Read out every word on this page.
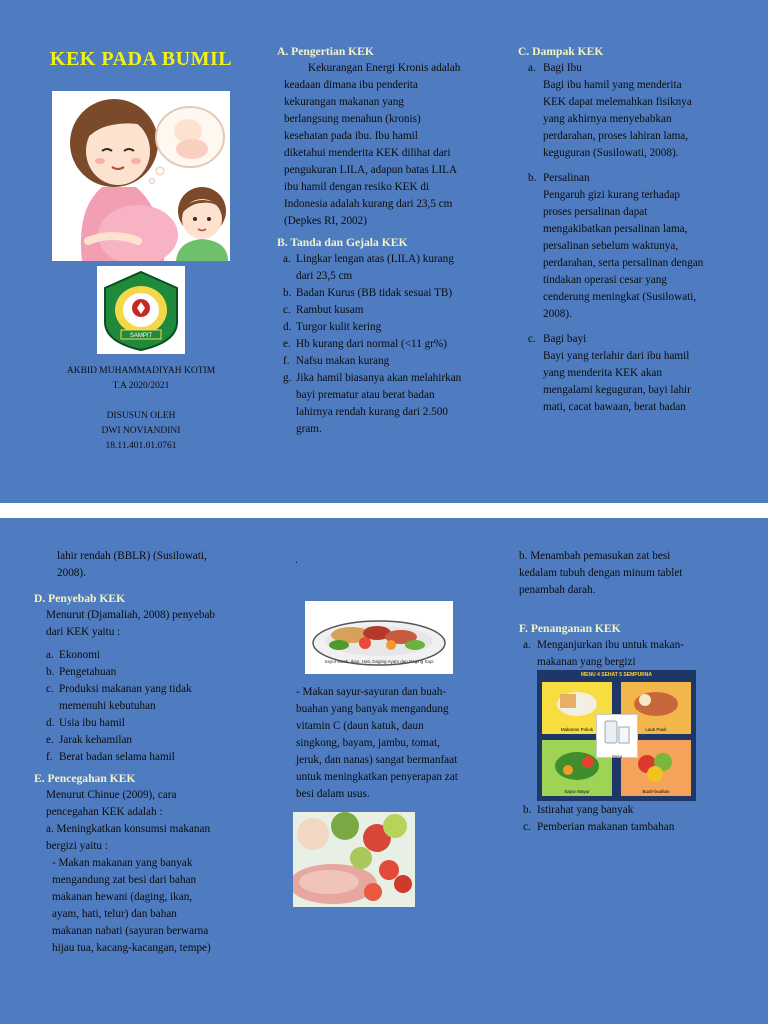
KEK PADA BUMIL
SAMPIT
AKBID MUHAMMADIYAH KOTIM
T.A 2020/2021
DISUSUN OLEH
DWI NOVIANDINI
18.11.401.01.0761
A. Pengertian KEK
Kekurangan Energi Kronis adalah
keadaan dimana ibu penderita
kekurangan makanan yang
berlangsung menahun (kronis)
kesehatan pada ibu. Ibu hamil
diketahui menderita KEK dilihat dari
pengukuran LILA, adapun batas LILA
ibu hamil dengan resiko KEK di
Indonesia adalah kurang dari 23,5 cm
(Depkes RI, 2002)
B. Tanda dan Gejala KEK
a. Lingkar lengan atas (LILA) kurang
dari 23,5 cm
b. Badan Kurus (BB tidak sesuai TB)
c. Rambut kusam
d. Turgor kulit kering
e. Hb kurang dari normal (<11 gr%)
f. Nafsu makan kurang
g. Jika hamil biasanya akan melahirkan
bayi prematur atau berat badan
lahirnya rendah kurang dari 2.500
gram.
C. Dampak KEK
a. Bagi Ibu
Bagi ibu hamil yang menderita
KEK dapat melemahkan fisiknya
yang akhirnya menyebabkan
perdarahan, proses lahiran lama,
keguguran (Susilowati, 2008).
b. Persalinan
Pengaruh gizi kurang terhadap
proses persalinan dapat
mengakibatkan persalinan lama,
persalinan sebelum waktunya,
perdarahan, serta persalinan dengan
tindakan operasi cesar yang
cenderung meningkat (Susilowati,
2008).
c. Bagi bayi
Bayi yang terlahir dari ibu hamil
yang menderita KEK akan
mengalami keguguran, bayi lahir
mati, cacat bawaan, berat badan
lahir rendah (BBLR) (Susilowati,
2008).
D. Penyebab KEK
Menurut (Djamaliah, 2008) penyebab
dari KEK yaitu :
a. Ekonomi
b. Pengetahuan
c. Produksi makanan yang tidak
memenuhi kebutuhan
d. Usia ibu hamil
e. Jarak kehamilan
f. Berat badan selama hamil
E. Pencegahan KEK
Menurut Chinue (2009), cara
pencegahan KEK adalah :
a. Meningkatkan konsumsi makanan
bergizi yaitu :
- Makan makanan yang banyak
mengandung zat besi dari bahan
makanan hewani (daging, ikan,
ayam, hati, telur) dan bahan
makanan nabati (sayuran berwarna
hijau tua, kacang-kacangan, tempe)
.
Sayur-Buah, Ikan, Hati, Daging Ayam dan Daging Sapi
- Makan sayur-sayuran dan buah-
buahan yang banyak mengandung
vitamin C (daun katuk, daun
singkong, bayam, jambu, tomat,
jeruk, dan nanas) sangat bermanfaat
untuk meningkatkan penyerapan zat
besi dalam usus.
b. Menambah pemasukan zat besi
kedalam tubuh dengan minum tablet
penambah darah.
F. Penanganan KEK
a. Menganjurkan ibu untuk makan-
makanan yang bergizi
MENU 4 SEHAT 5 SEMPURNA
Makanan Pokok	Lauk Pauk
Sayur Mayur	Buah-buahan
Susu
b. Istirahat yang banyak
c. Pemberian makanan tambahan
